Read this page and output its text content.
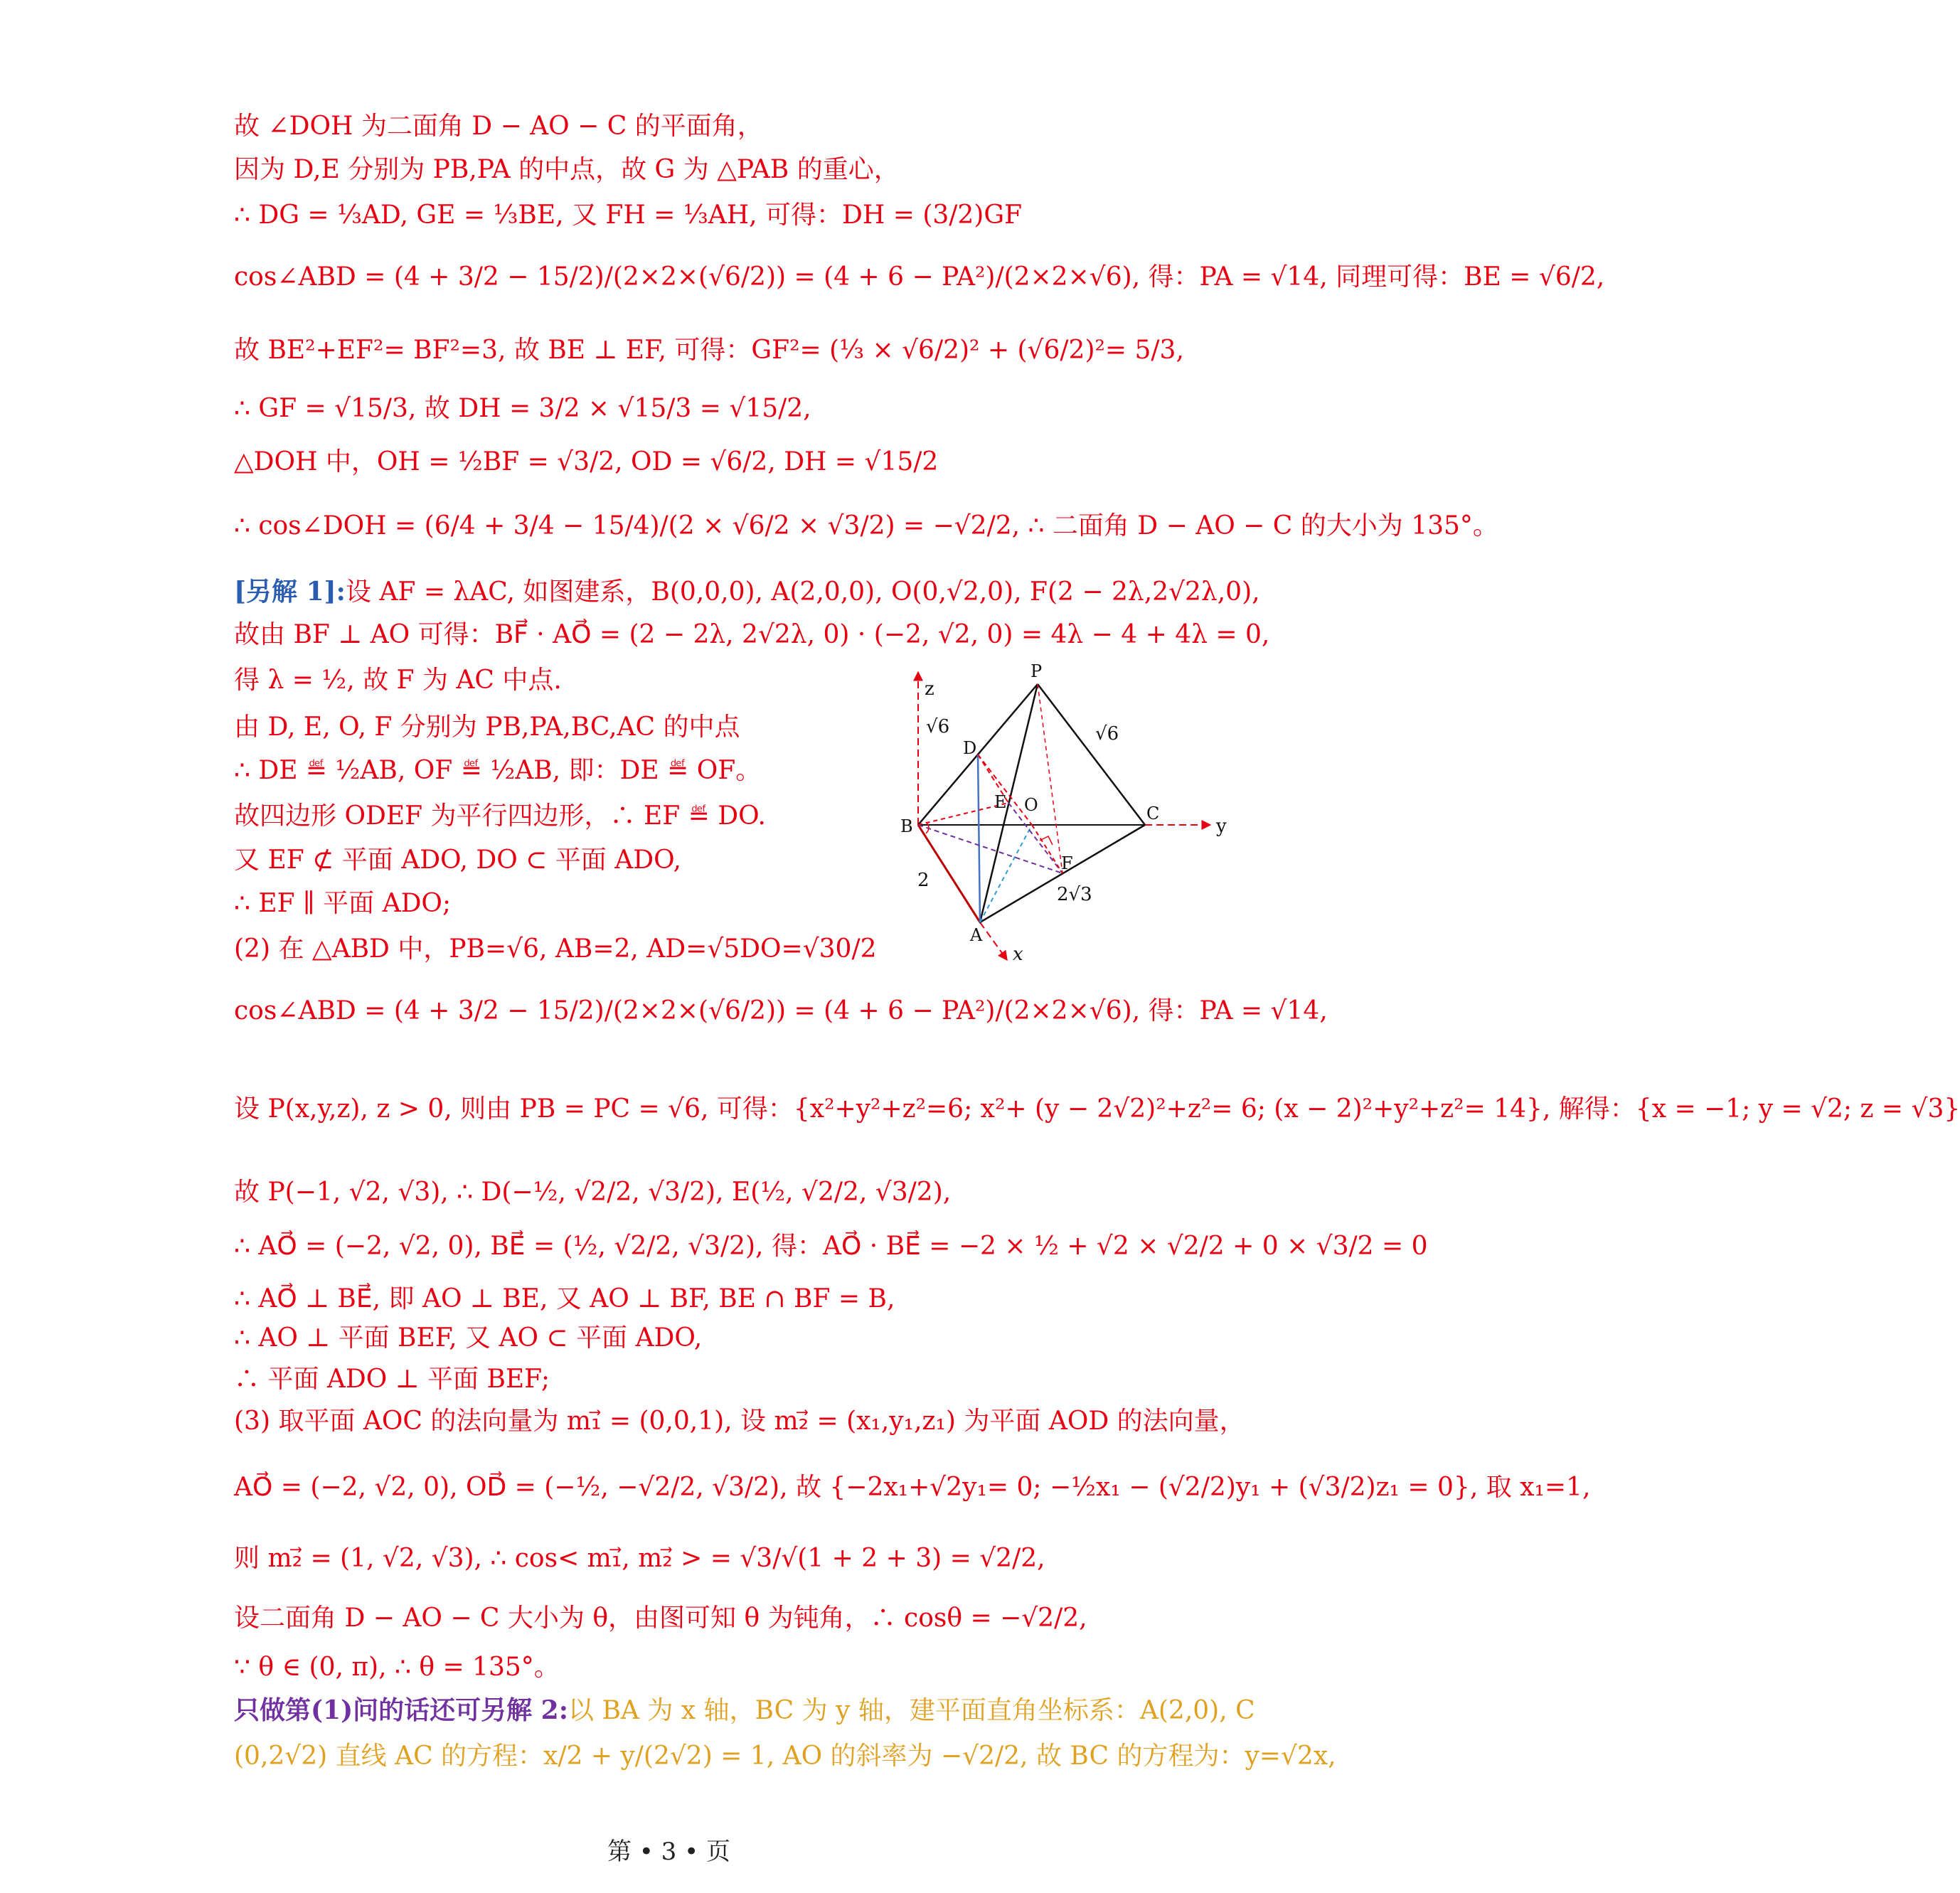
故 ∠DOH 为二面角 D − AO − C 的平面角，
因为 D,E 分别为 PB,PA 的中点，故 G 为 △PAB 的重心，
∴ DG = ⅓AD, GE = ⅓BE, 又 FH = ⅓AH, 可得：DH = (3/2)GF
cos∠ABD = (4 + 3/2 − 15/2)/(2×2×(√6/2)) = (4 + 6 − PA²)/(2×2×√6), 得：PA = √14, 同理可得：BE = √6/2,
故 BE²+EF²= BF²=3, 故 BE ⊥ EF, 可得：GF²= (⅓ × √6/2)² + (√6/2)²= 5/3,
∴ GF = √15/3, 故 DH = 3/2 × √15/3 = √15/2,
△DOH 中，OH = ½BF = √3/2, OD = √6/2, DH = √15/2
∴ cos∠DOH = (6/4 + 3/4 − 15/4)/(2 × √6/2 × √3/2) = −√2/2, ∴ 二面角 D − AO − C 的大小为 135°。
[另解 1]:设 AF = λAC, 如图建系，B(0,0,0), A(2,0,0), O(0,√2,0), F(2 − 2λ,2√2λ,0),
故由 BF ⊥ AO 可得：BF⃗ · AO⃗ = (2 − 2λ, 2√2λ, 0) · (−2, √2, 0) = 4λ − 4 + 4λ = 0,
得 λ = ½, 故 F 为 AC 中点.
由 D, E, O, F 分别为 PB,PA,BC,AC 的中点
∴ DE ≝ ½AB, OF ≝ ½AB, 即：DE ≝ OF。
故四边形 ODEF 为平行四边形，∴ EF ≝ DO.
又 EF ⊄ 平面 ADO, DO ⊂ 平面 ADO,
∴ EF ∥ 平面 ADO;
(2) 在 △ABD 中，PB=√6, AB=2, AD=√5DO=√30/2
cos∠ABD = (4 + 3/2 − 15/2)/(2×2×(√6/2)) = (4 + 6 − PA²)/(2×2×√6), 得：PA = √14,
设 P(x,y,z), z > 0, 则由 PB = PC = √6, 可得：{x²+y²+z²=6; x²+ (y − 2√2)²+z²= 6; (x − 2)²+y²+z²= 14}, 解得：{x = −1; y = √2; z = √3}
故 P(−1, √2, √3), ∴ D(−½, √2/2, √3/2), E(½, √2/2, √3/2),
∴ AO⃗ = (−2, √2, 0), BE⃗ = (½, √2/2, √3/2), 得：AO⃗ · BE⃗ = −2 × ½ + √2 × √2/2 + 0 × √3/2 = 0
∴ AO⃗ ⊥ BE⃗, 即 AO ⊥ BE, 又 AO ⊥ BF, BE ∩ BF = B,
∴ AO ⊥ 平面 BEF, 又 AO ⊂ 平面 ADO,
∴ 平面 ADO ⊥ 平面 BEF;
(3) 取平面 AOC 的法向量为 m₁⃗ = (0,0,1), 设 m₂⃗ = (x₁,y₁,z₁) 为平面 AOD 的法向量，
AO⃗ = (−2, √2, 0), OD⃗ = (−½, −√2/2, √3/2), 故 {−2x₁+√2y₁= 0; −½x₁ − (√2/2)y₁ + (√3/2)z₁ = 0}, 取 x₁=1,
则 m₂⃗ = (1, √2, √3), ∴ cos< m₁⃗, m₂⃗ > = √3/√(1 + 2 + 3) = √2/2,
设二面角 D − AO − C 大小为 θ，由图可知 θ 为钝角，∴ cosθ = −√2/2,
∵ θ ∈ (0, π), ∴ θ = 135°。
只做第(1)问的话还可另解 2:以 BA 为 x 轴，BC 为 y 轴，建平面直角坐标系：A(2,0), C
(0,2√2) 直线 AC 的方程：x/2 + y/(2√2) = 1, AO 的斜率为 −√2/2, 故 BC 的方程为：y=√2x,
z
y
x
P
D
E O
B
C
F
A
√6	√6
2
2√3
第 • 3 • 页
